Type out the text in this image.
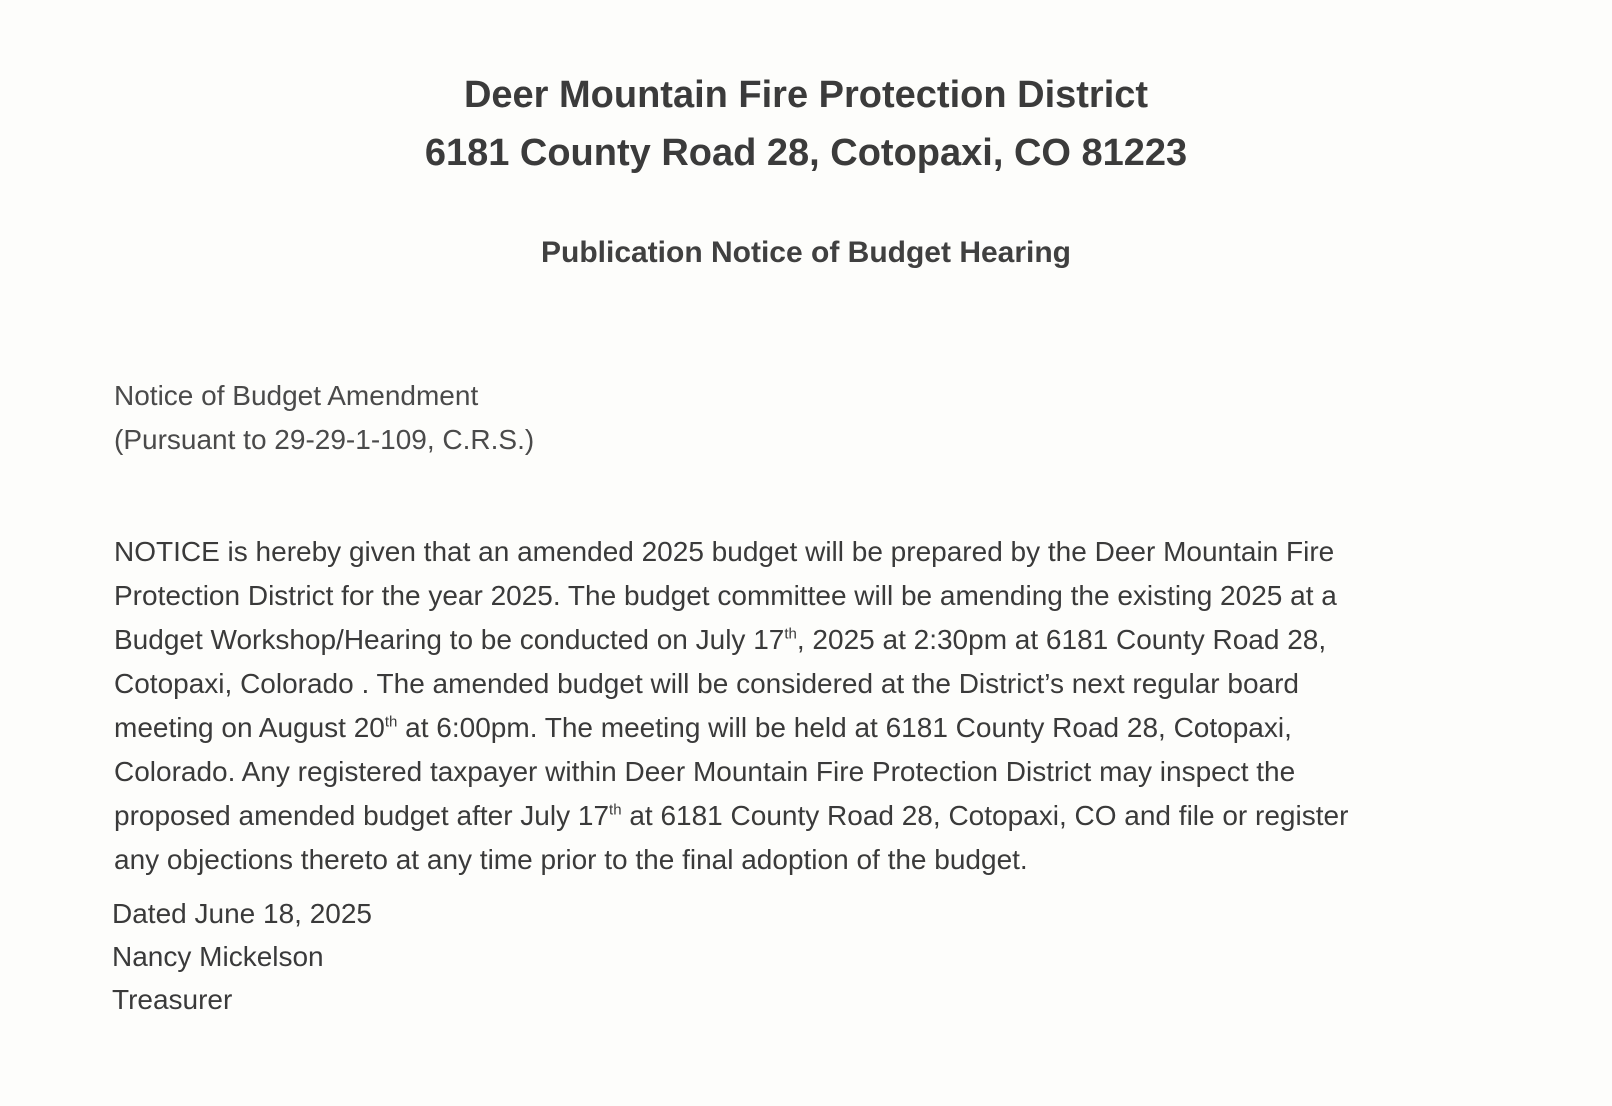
Deer Mountain Fire Protection District
6181 County Road 28, Cotopaxi, CO 81223
Publication Notice of Budget Hearing
Notice of Budget Amendment
(Pursuant to 29-29-1-109, C.R.S.)
NOTICE is hereby given that an amended 2025 budget will be prepared by the Deer Mountain Fire
Protection District for the year 2025. The budget committee will be amending the existing 2025 at a
Budget Workshop/Hearing to be conducted on July 17th, 2025 at 2:30pm at 6181 County Road 28,
Cotopaxi, Colorado . The amended budget will be considered at the District’s next regular board
meeting on August 20th at 6:00pm. The meeting will be held at 6181 County Road 28, Cotopaxi,
Colorado. Any registered taxpayer within Deer Mountain Fire Protection District may inspect the
proposed amended budget after July 17th at 6181 County Road 28, Cotopaxi, CO and file or register
any objections thereto at any time prior to the final adoption of the budget.
Dated June 18, 2025
Nancy Mickelson
Treasurer
